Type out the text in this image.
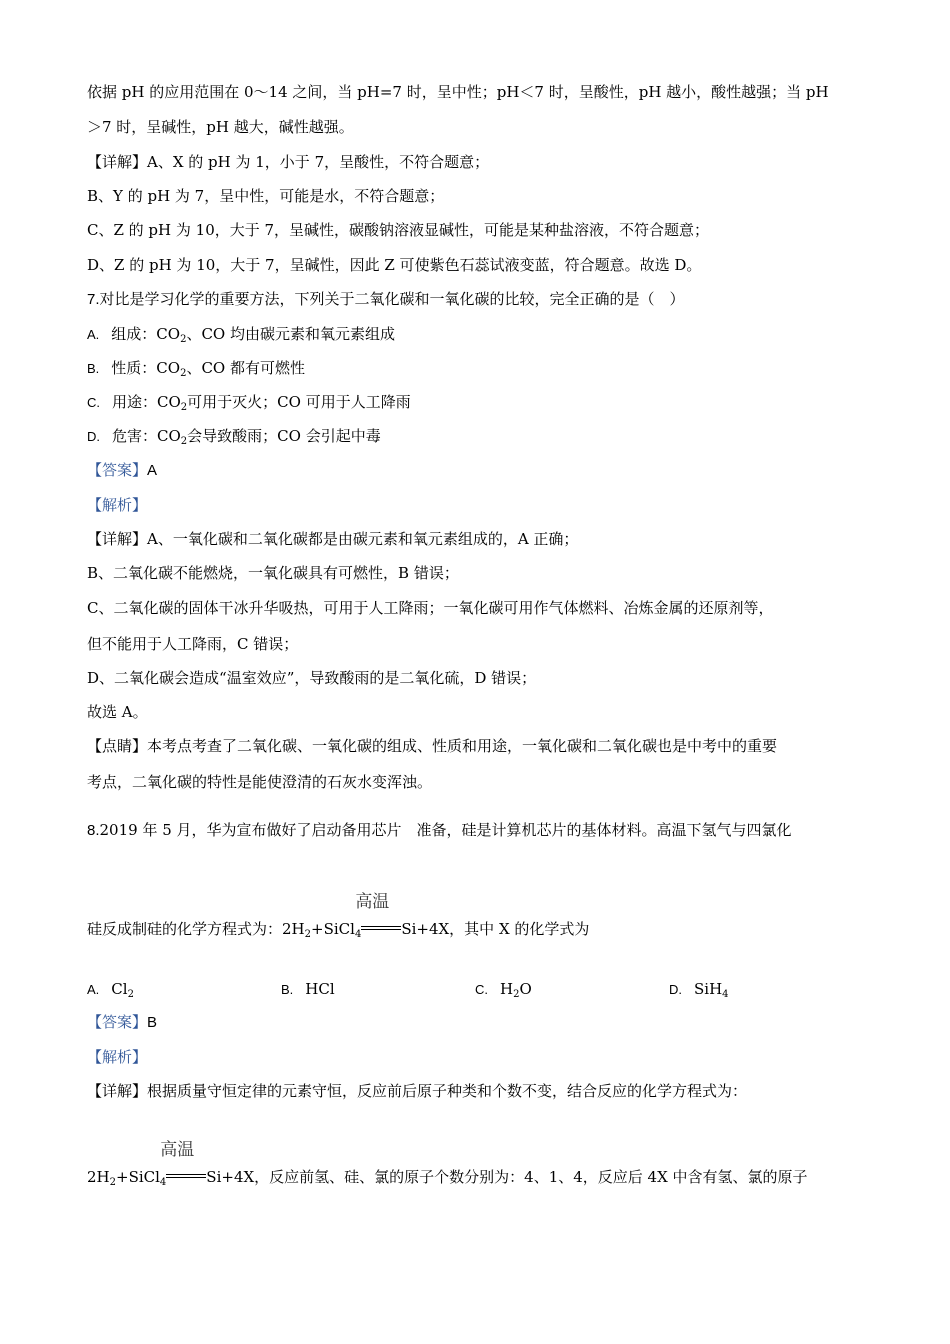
依据 pH 的应用范围在 0～14 之间，当 pH=7 时，呈中性；pH＜7 时，呈酸性，pH 越小，酸性越强；当 pH
＞7 时，呈碱性，pH 越大，碱性越强。
【详解】A、X 的 pH 为 1，小于 7，呈酸性，不符合题意；
B、Y 的 pH 为 7，呈中性，可能是水，不符合题意；
C、Z 的 pH 为 10，大于 7，呈碱性，碳酸钠溶液显碱性，可能是某种盐溶液，不符合题意；
D、Z 的 pH 为 10，大于 7，呈碱性，因此 Z 可使紫色石蕊试液变蓝，符合题意。故选 D。
7.对比是学习化学的重要方法，下列关于二氧化碳和一氧化碳的比较，完全正确的是（　）
A. 组成：$CO_2$、CO 均由碳元素和氧元素组成
B. 性质：$CO_2$、CO 都有可燃性
C. 用途：$CO_2$可用于灭火；CO 可用于人工降雨
D. 危害：$CO_2$会导致酸雨；CO 会引起中毒
【答案】A
【解析】
【详解】A、一氧化碳和二氧化碳都是由碳元素和氧元素组成的，A 正确；
B、二氧化碳不能燃烧，一氧化碳具有可燃性，B 错误；
C、二氧化碳的固体干冰升华吸热，可用于人工降雨；一氧化碳可用作气体燃料、冶炼金属的还原剂等，
但不能用于人工降雨，C 错误；
D、二氧化碳会造成“温室效应”，导致酸雨的是二氧化硫，D 错误；
故选 A。
【点睛】本考点考查了二氧化碳、一氧化碳的组成、性质和用途，一氧化碳和二氧化碳也是中考中的重要
考点，二氧化碳的特性是能使澄清的石灰水变浑浊。
8.2019 年 5 月，华为宣布做好了启动备用芯片　准备，硅是计算机芯片的基体材料。高温下氢气与四氯化
硅反成制硅的化学方程式为：$2H_2+SiCl_4$
高温
Si+4X，其中 X 的化学式为
A. $Cl_2$	B. HCl	C. $H_2O$	D. SiH$_4$
【答案】B
【解析】
【详解】根据质量守恒定律的元素守恒，反应前后原子种类和个数不变，结合反应的化学方程式为：
$2H_2+SiCl_4$
高温
Si+4X，反应前氢、硅、氯的原子个数分别为：4、1、4，反应后 4X 中含有氢、氯的原子
